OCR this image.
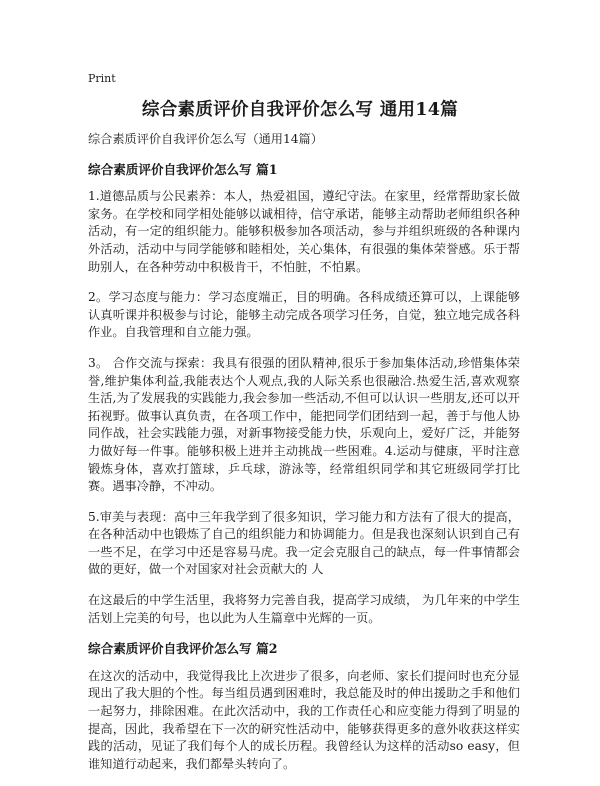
Print
综合素质评价自我评价怎么写 通用14篇

综合素质评价自我评价怎么写（通用14篇）

综合素质评价自我评价怎么写 篇1

1.道德品质与公民素养：本人，热爱祖国，遵纪守法。在家里，经常帮助家长做家务。在学校和同学相处能够以诚相待，信守承诺，能够主动帮助老师组织各种活动，有一定的组织能力。能够积极参加各项活动，参与并组织班级的各种课内外活动，活动中与同学能够和睦相处，关心集体，有很强的集体荣誉感。乐于帮助别人，在各种劳动中积极肯干，不怕脏，不怕累。

2。学习态度与能力：学习态度端正，目的明确。各科成绩还算可以，上课能够认真听课并积极参与讨论，能够主动完成各项学习任务，自觉，独立地完成各科作业。自我管理和自立能力强。

3。 合作交流与探索：我具有很强的团队精神,很乐于参加集体活动,珍惜集体荣誉,维护集体利益,我能表达个人观点,我的人际关系也很融洽.热爱生活,喜欢观察生活,为了发展我的实践能力,我会参加一些活动,不但可以认识一些朋友,还可以开拓视野。做事认真负责，在各项工作中，能把同学们团结到一起，善于与他人协同作战，社会实践能力强，对新事物接受能力快，乐观向上，爱好广泛，并能努力做好每一件事。能够积极上进并主动挑战一些困难。4.运动与健康，平时注意锻炼身体，喜欢打篮球，乒乓球，游泳等，经常组织同学和其它班级同学打比赛。遇事冷静，不冲动。

5.审美与表现：高中三年我学到了很多知识，学习能力和方法有了很大的提高，在各种活动中也锻炼了自己的组织能力和协调能力。但是我也深刻认识到自己有一些不足，在学习中还是容易马虎。我一定会克服自己的缺点，每一件事情都会做的更好，做一个对国家对社会贡献大的 人

在这最后的中学生活里，我将努力完善自我，提高学习成绩， 为几年来的中学生活划上完美的句号，也以此为人生篇章中光辉的一页。

综合素质评价自我评价怎么写 篇2

在这次的活动中，我觉得我比上次进步了很多，向老师、家长们提问时也充分显现出了我大胆的个性。每当组员遇到困难时，我总能及时的伸出援助之手和他们一起努力，排除困难。在此次活动中，我的工作责任心和应变能力得到了明显的提高，因此，我希望在下一次的研究性活动中，能够获得更多的意外收获这样实践的活动，见证了我们每个人的成长历程。我曾经认为这样的活动so easy，但谁知道行动起来，我们都晕头转向了。
